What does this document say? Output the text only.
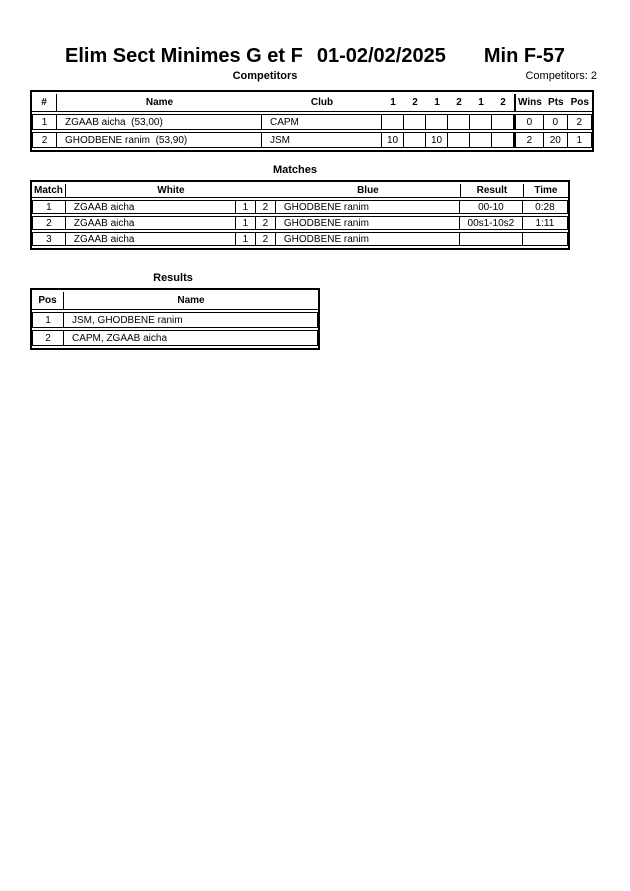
Elim Sect Minimes G et F 01-02/02/2025 Min F-57
Competitors	Competitors: 2
#	Name	Club	1	2	1	2	1	2	Wins	Pts	Pos
1	ZGAAB aicha  (53,00)	CAPM							0	0	2
2	GHODBENE ranim  (53,90)	JSM	10		10				2	20	1
Matches
Match	White			Blue	Result	Time
1	ZGAAB aicha	1	2	GHODBENE ranim	00-10	0:28
2	ZGAAB aicha	1	2	GHODBENE ranim	00s1-10s2	1:11
3	ZGAAB aicha	1	2	GHODBENE ranim		
Results
Pos	Name
1	JSM, GHODBENE ranim
2	CAPM, ZGAAB aicha
